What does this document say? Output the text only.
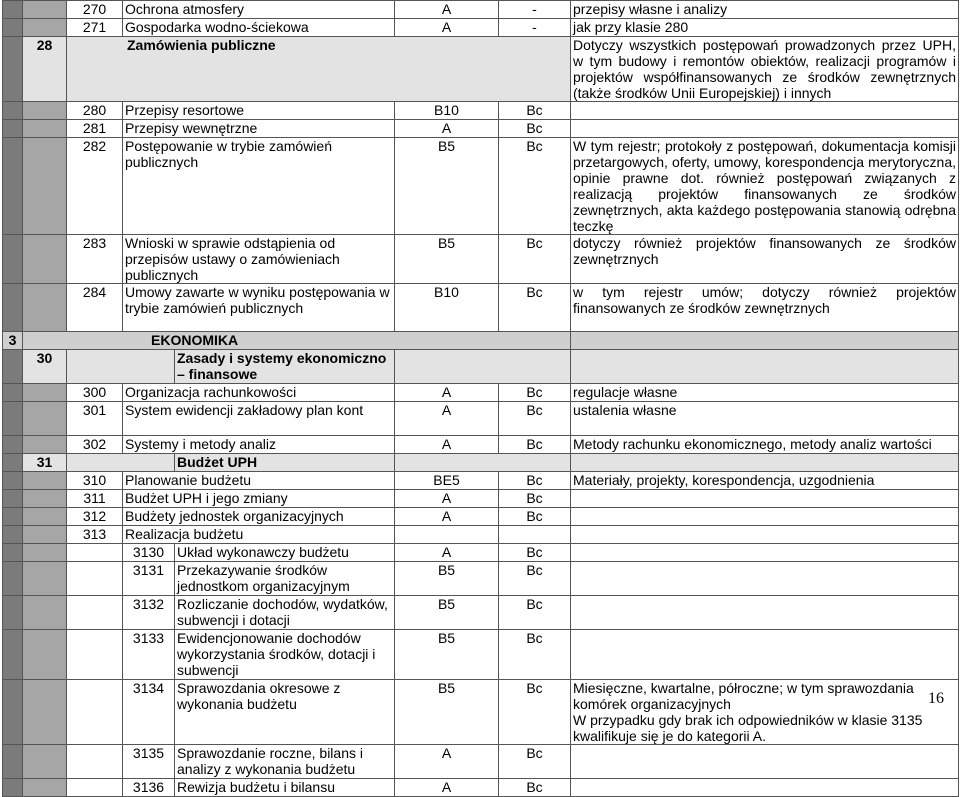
		270	Ochrona atmosfery		A	-	przepisy własne i analizy
		271	Gospodarka wodno-ściekowa		A	-	jak przy klasie 280
	28	Zamówienia publiczne					Dotyczy wszystkich postępowań prowadzonych przez UPH, w tym budowy i remontów obiektów, realizacji programów i projektów współfinansowanych ze środków zewnętrznych (także środków Unii Europejskiej) i innych
		280	Przepisy resortowe		B10	Bc	
		281	Przepisy wewnętrzne		A	Bc	
		282	Postępowanie w trybie zamówień publicznych		B5	Bc	W tym rejestr; protokoły z postępowań, dokumentacja komisji przetargowych, oferty, umowy, korespondencja merytoryczna, opinie prawne dot. również postępowań związanych z realizacją projektów finansowanych ze środków zewnętrznych, akta każdego postępowania stanowią odrębna teczkę
		283	Wnioski w sprawie odstąpienia od przepisów ustawy o zamówieniach publicznych		B5	Bc	dotyczy również projektów finansowanych ze środków zewnętrznych
		284	Umowy zawarte w wyniku postępowania w trybie zamówień publicznych		B10	Bc	w tym rejestr umów; dotyczy również projektów finansowanych ze środków zewnętrznych
3	EKONOMIKA						
	30			Zasady i systemy ekonomiczno – finansowe			
		300	Organizacja rachunkowości		A	Bc	regulacje własne
		301	System ewidencji zakładowy plan kont		A	Bc	ustalenia własne
		302	Systemy i metody analiz		A	Bc	Metody rachunku ekonomicznego, metody analiz wartości
	31			Budżet UPH			
		310	Planowanie budżetu		BE5	Bc	Materiały, projekty, korespondencja, uzgodnienia
		311	Budżet UPH i jego zmiany		A	Bc	
		312	Budżety jednostek organizacyjnych		A	Bc	
		313	Realizacja budżetu				
			3130	Układ wykonawczy budżetu	A	Bc	
			3131	Przekazywanie środków jednostkom organizacyjnym	B5	Bc	
			3132	Rozliczanie dochodów, wydatków, subwencji i dotacji	B5	Bc	
			3133	Ewidencjonowanie dochodów wykorzystania środków, dotacji i subwencji	B5	Bc	
			3134	Sprawozdania okresowe z wykonania budżetu	B5	Bc	Miesięczne, kwartalne, półroczne; w tym sprawozdania komórek organizacyjnych
W przypadku gdy brak ich odpowiedników w klasie 3135 kwalifikuje się je do kategorii A.
			3135	Sprawozdanie roczne, bilans i analizy z wykonania budżetu	A	Bc	
			3136	Rewizja budżetu i bilansu	A	Bc	
16
